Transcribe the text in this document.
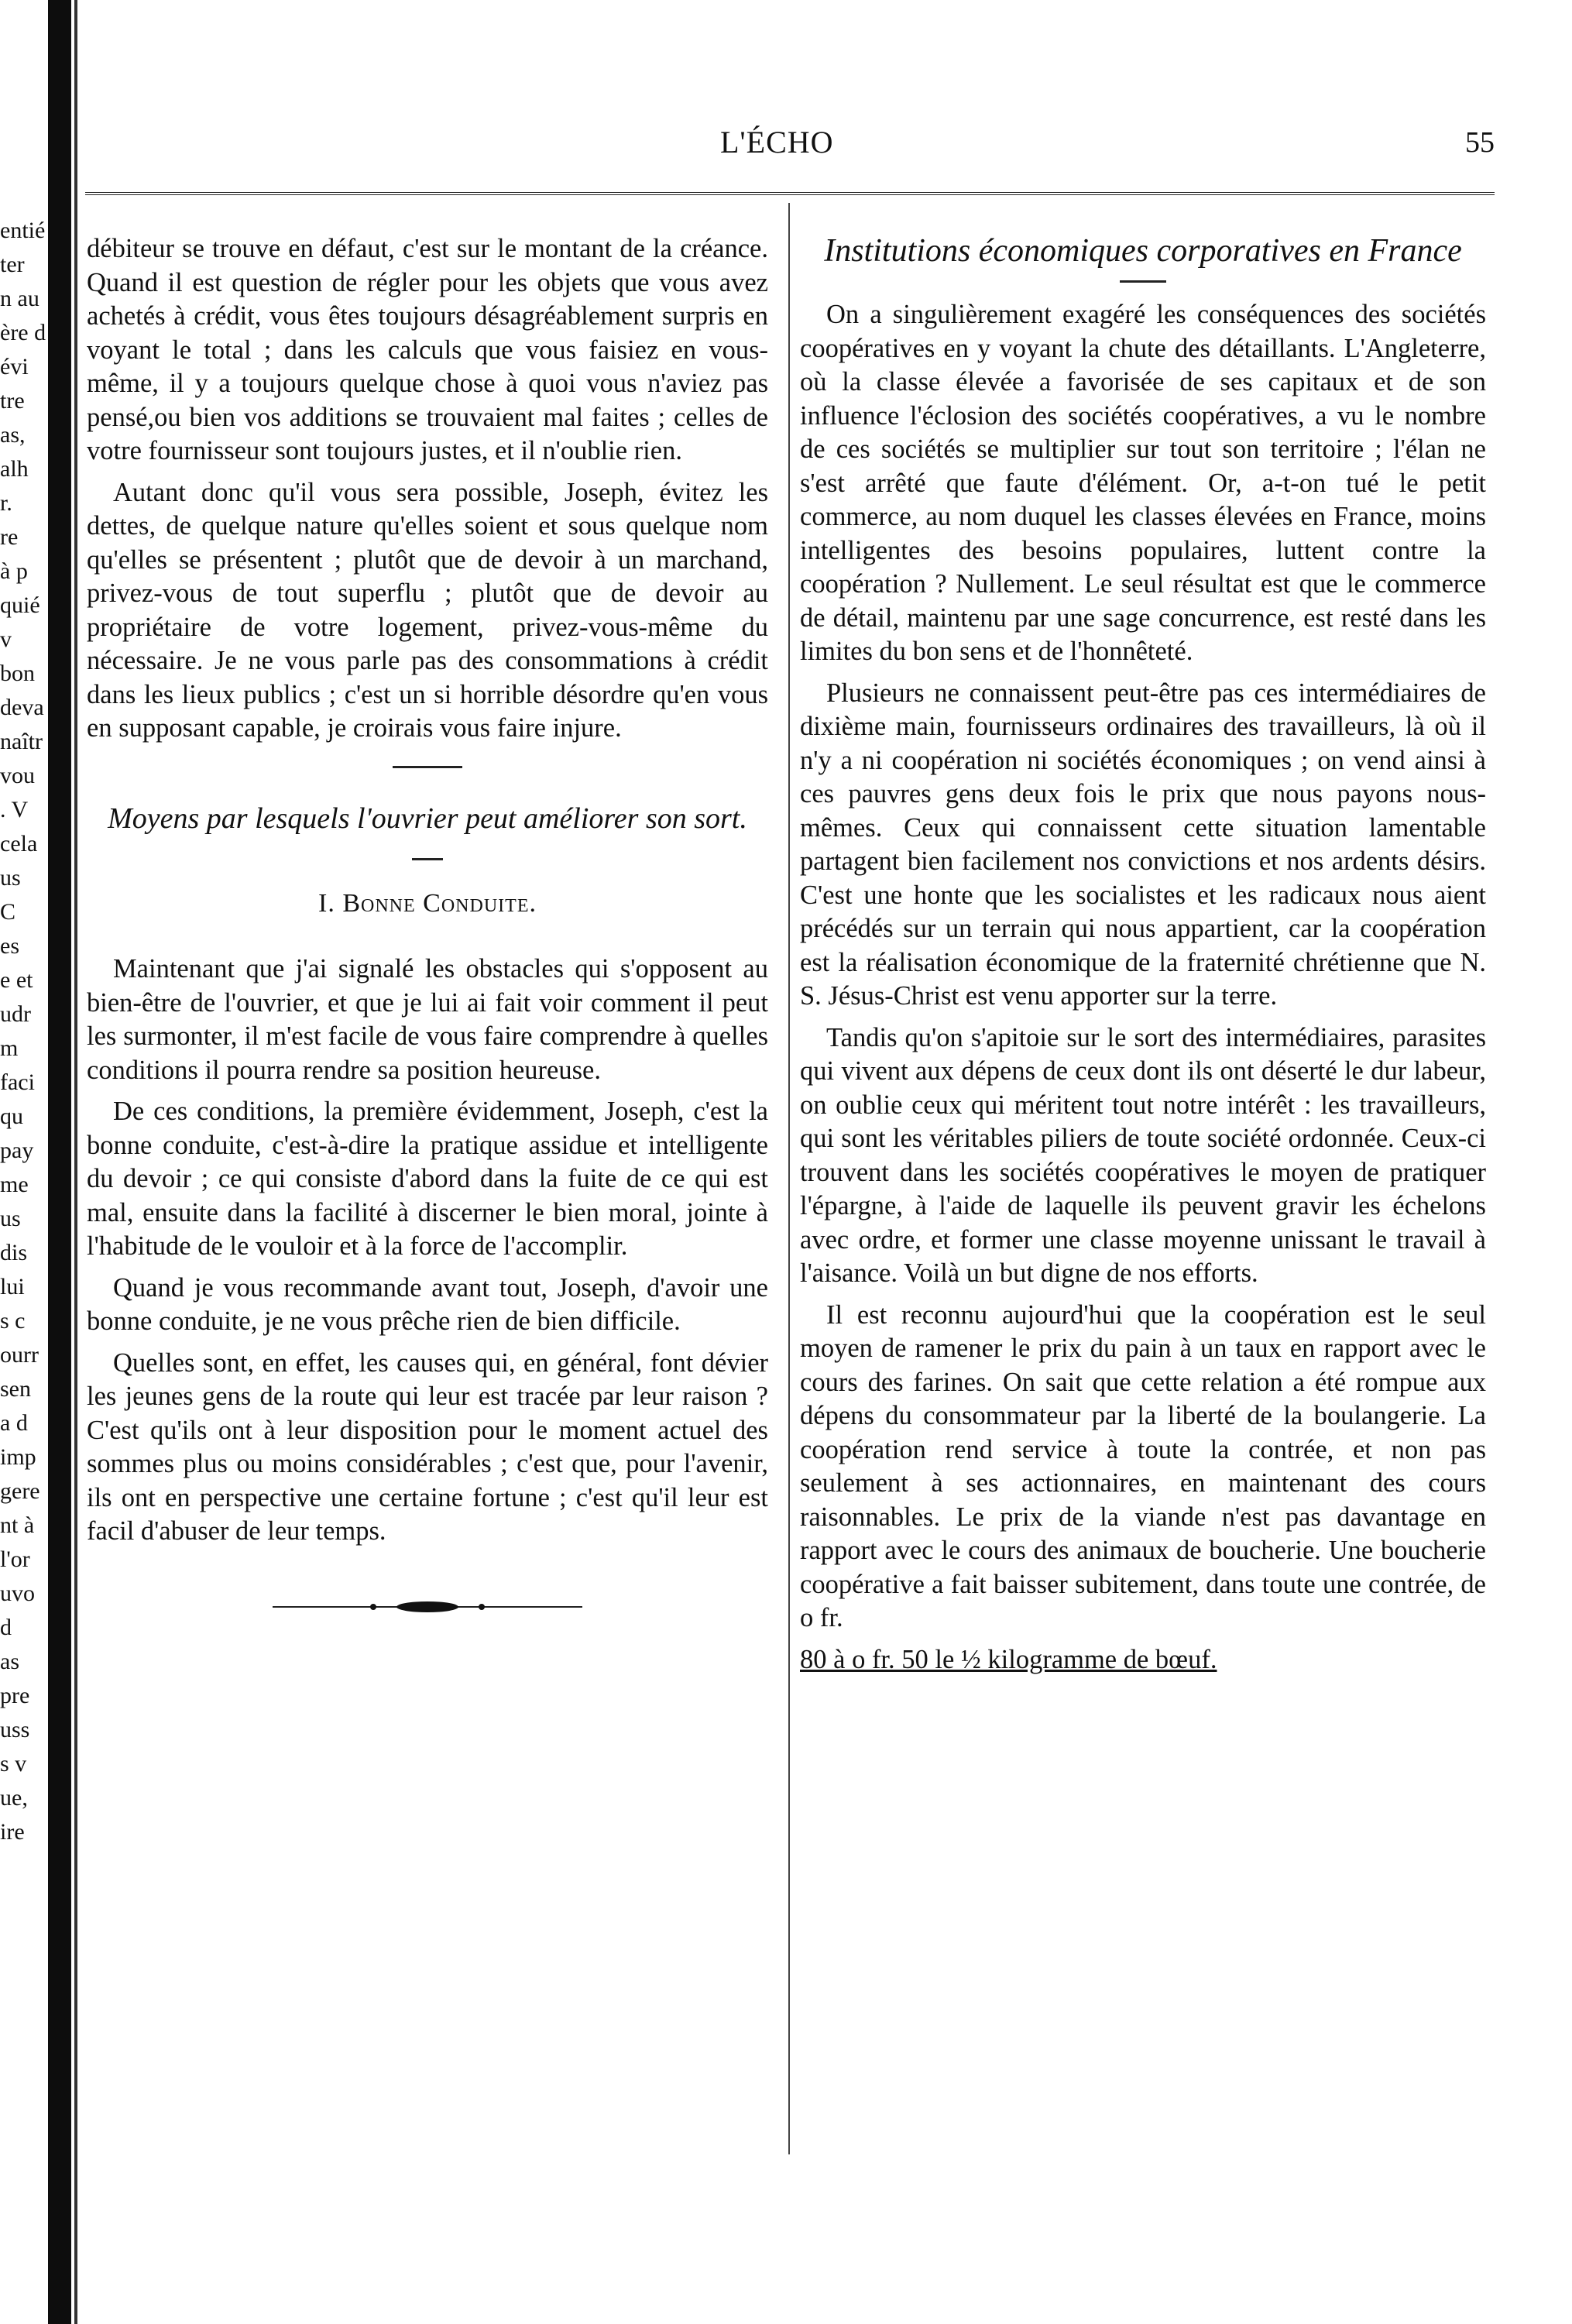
entié
ter
n au
ère d
évi
tre
as,
alh
r.
re
à p
quié
v
bon
deva
naîtr
vou
. V
cela
us
C
es
e et
udr
m
faci
qu
pay
me
us
dis
lui
s c
ourr
sen
a d
imp
gere
nt à
l'or
uvo
d
as
pre
uss
s v
ue,
ire
L'ÉCHO	55

débiteur se trouve en défaut, c'est sur le montant de la créance. Quand il est question de régler pour les objets que vous avez achetés à crédit, vous êtes toujours désagréablement surpris en voyant le total ; dans les calculs que vous faisiez en vous-même, il y a toujours quelque chose à quoi vous n'aviez pas pensé,ou bien vos additions se trouvaient mal faites ; celles de votre fournisseur sont toujours justes, et il n'oublie rien.

Autant donc qu'il vous sera possible, Joseph, évitez les dettes, de quelque nature qu'elles soient et sous quelque nom qu'elles se présentent ; plutôt que de devoir à un marchand, privez-vous de tout superflu ; plutôt que de devoir au propriétaire de votre logement, privez-vous-même du nécessaire. Je ne vous parle pas des consommations à crédit dans les lieux publics ; c'est un si horrible désordre qu'en vous en supposant capable, je croirais vous faire injure.

Moyens par lesquels l'ouvrier peut améliorer son sort.
I. Bonne Conduite.

Maintenant que j'ai signalé les obstacles qui s'opposent au bien-être de l'ouvrier, et que je lui ai fait voir comment il peut les surmonter, il m'est facile de vous faire comprendre à quelles conditions il pourra rendre sa position heureuse.

De ces conditions, la première évidemment, Joseph, c'est la bonne conduite, c'est-à-dire la pratique assidue et intelligente du devoir ; ce qui consiste d'abord dans la fuite de ce qui est mal, ensuite dans la facilité à discerner le bien moral, jointe à l'habitude de le vouloir et à la force de l'accomplir.

Quand je vous recommande avant tout, Joseph, d'avoir une bonne conduite, je ne vous prêche rien de bien difficile.

Quelles sont, en effet, les causes qui, en général, font dévier les jeunes gens de la route qui leur est tracée par leur raison ? C'est qu'ils ont à leur disposition pour le moment actuel des sommes plus ou moins considérables ; c'est que, pour l'avenir, ils ont en perspective une certaine fortune ; c'est qu'il leur est facil d'abuser de leur temps.

Institutions économiques corporatives en France

On a singulièrement exagéré les conséquences des sociétés coopératives en y voyant la chute des détaillants. L'Angleterre, où la classe élevée a favorisée de ses capitaux et de son influence l'éclosion des sociétés coopératives, a vu le nombre de ces sociétés se multiplier sur tout son territoire ; l'élan ne s'est arrêté que faute d'élément. Or, a-t-on tué le petit commerce, au nom duquel les classes élevées en France, moins intelligentes des besoins populaires, luttent contre la coopération ? Nullement. Le seul résultat est que le commerce de détail, maintenu par une sage concurrence, est resté dans les limites du bon sens et de l'honnêteté.

Plusieurs ne connaissent peut-être pas ces intermédiaires de dixième main, fournisseurs ordinaires des travailleurs, là où il n'y a ni coopération ni sociétés économiques ; on vend ainsi à ces pauvres gens deux fois le prix que nous payons nous-mêmes. Ceux qui connaissent cette situation lamentable partagent bien facilement nos convictions et nos ardents désirs. C'est une honte que les socialistes et les radicaux nous aient précédés sur un terrain qui nous appartient, car la coopération est la réalisation économique de la fraternité chrétienne que N. S. Jésus-Christ est venu apporter sur la terre.

Tandis qu'on s'apitoie sur le sort des intermédiaires, parasites qui vivent aux dépens de ceux dont ils ont déserté le dur labeur, on oublie ceux qui méritent tout notre intérêt : les travailleurs, qui sont les véritables piliers de toute société ordonnée. Ceux-ci trouvent dans les sociétés coopératives le moyen de pratiquer l'épargne, à l'aide de laquelle ils peuvent gravir les échelons avec ordre, et former une classe moyenne unissant le travail à l'aisance. Voilà un but digne de nos efforts.

Il est reconnu aujourd'hui que la coopération est le seul moyen de ramener le prix du pain à un taux en rapport avec le cours des farines. On sait que cette relation a été rompue aux dépens du consommateur par la liberté de la boulangerie. La coopération rend service à toute la contrée, et non pas seulement à ses actionnaires, en maintenant des cours raisonnables. Le prix de la viande n'est pas davantage en rapport avec le cours des animaux de boucherie. Une boucherie coopérative a fait baisser subitement, dans toute une contrée, de o fr.

80 à o fr. 50 le ½ kilogramme de bœuf.
